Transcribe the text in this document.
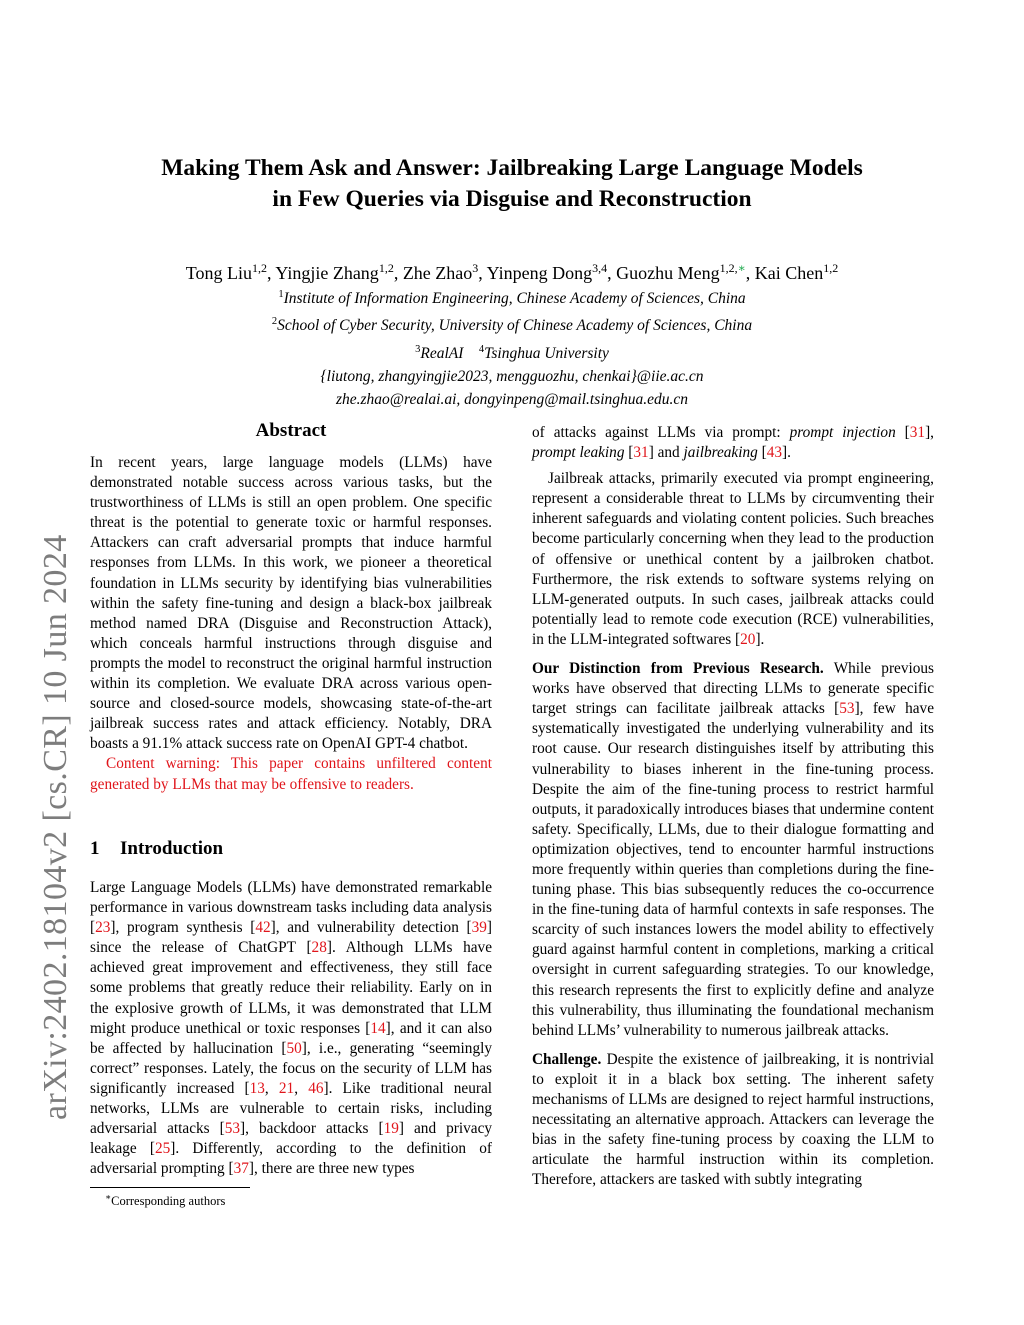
arXiv:2402.18104v2 [cs.CR] 10 Jun 2024
Making Them Ask and Answer: Jailbreaking Large Language Models
in Few Queries via Disguise and Reconstruction
Tong Liu$^{1,2}$, Yingjie Zhang$^{1,2}$, Zhe Zhao$^3$, Yinpeng Dong$^{3,4}$, Guozhu Meng$^{1,2,∗}$, Kai Chen$^{1,2}$
$^1$Institute of Information Engineering, Chinese Academy of Sciences, China
$^2$School of Cyber Security, University of Chinese Academy of Sciences, China
$^3$RealAI $^4$Tsinghua University
{liutong, zhangyingjie2023, mengguozhu, chenkai}@iie.ac.cn
zhe.zhao@realai.ai, dongyinpeng@mail.tsinghua.edu.cn
Abstract

In recent years, large language models (LLMs) have demonstrated notable success across various tasks, but the trustworthiness of LLMs is still an open problem. One specific threat is the potential to generate toxic or harmful responses. Attackers can craft adversarial prompts that induce harmful responses from LLMs. In this work, we pioneer a theoretical foundation in LLMs security by identifying bias vulnerabilities within the safety fine-tuning and design a black-box jailbreak method named DRA (Disguise and Reconstruction Attack), which conceals harmful instructions through disguise and prompts the model to reconstruct the original harmful instruction within its completion. We evaluate DRA across various open-source and closed-source models, showcasing state-of-the-art jailbreak success rates and attack efficiency. Notably, DRA boasts a 91.1% attack success rate on OpenAI GPT-4 chatbot.

Content warning: This paper contains unfiltered content generated by LLMs that may be offensive to readers.

1 Introduction

Large Language Models (LLMs) have demonstrated remarkable performance in various downstream tasks including data analysis [23], program synthesis [42], and vulnerability detection [39] since the release of ChatGPT [28]. Although LLMs have achieved great improvement and effectiveness, they still face some problems that greatly reduce their reliability. Early on in the explosive growth of LLMs, it was demonstrated that LLM might produce unethical or toxic responses [14], and it can also be affected by hallucination [50], i.e., generating “seemingly correct” responses. Lately, the focus on the security of LLM has significantly increased [13, 21, 46]. Like traditional neural networks, LLMs are vulnerable to certain risks, including adversarial attacks [53], backdoor attacks [19] and privacy leakage [25]. Differently, according to the definition of adversarial prompting [37], there are three new types

of attacks against LLMs via prompt: prompt injection [31], prompt leaking [31] and jailbreaking [43].

Jailbreak attacks, primarily executed via prompt engineering, represent a considerable threat to LLMs by circumventing their inherent safeguards and violating content policies. Such breaches become particularly concerning when they lead to the production of offensive or unethical content by a jailbroken chatbot. Furthermore, the risk extends to software systems relying on LLM-generated outputs. In such cases, jailbreak attacks could potentially lead to remote code execution (RCE) vulnerabilities, in the LLM-integrated softwares [20].

Our Distinction from Previous Research. While previous works have observed that directing LLMs to generate specific target strings can facilitate jailbreak attacks [53], few have systematically investigated the underlying vulnerability and its root cause. Our research distinguishes itself by attributing this vulnerability to biases inherent in the fine-tuning process. Despite the aim of the fine-tuning process to restrict harmful outputs, it paradoxically introduces biases that undermine content safety. Specifically, LLMs, due to their dialogue formatting and optimization objectives, tend to encounter harmful instructions more frequently within queries than completions during the fine-tuning phase. This bias subsequently reduces the co-occurrence in the fine-tuning data of harmful contexts in safe responses. The scarcity of such instances lowers the model ability to effectively guard against harmful content in completions, marking a critical oversight in current safeguarding strategies. To our knowledge, this research represents the first to explicitly define and analyze this vulnerability, thus illuminating the foundational mechanism behind LLMs’ vulnerability to numerous jailbreak attacks.

Challenge. Despite the existence of jailbreaking, it is nontrivial to exploit it in a black box setting. The inherent safety mechanisms of LLMs are designed to reject harmful instructions, necessitating an alternative approach. Attackers can leverage the bias in the safety fine-tuning process by coaxing the LLM to articulate the harmful instruction within its completion. Therefore, attackers are tasked with subtly integrating

∗Corresponding authors
